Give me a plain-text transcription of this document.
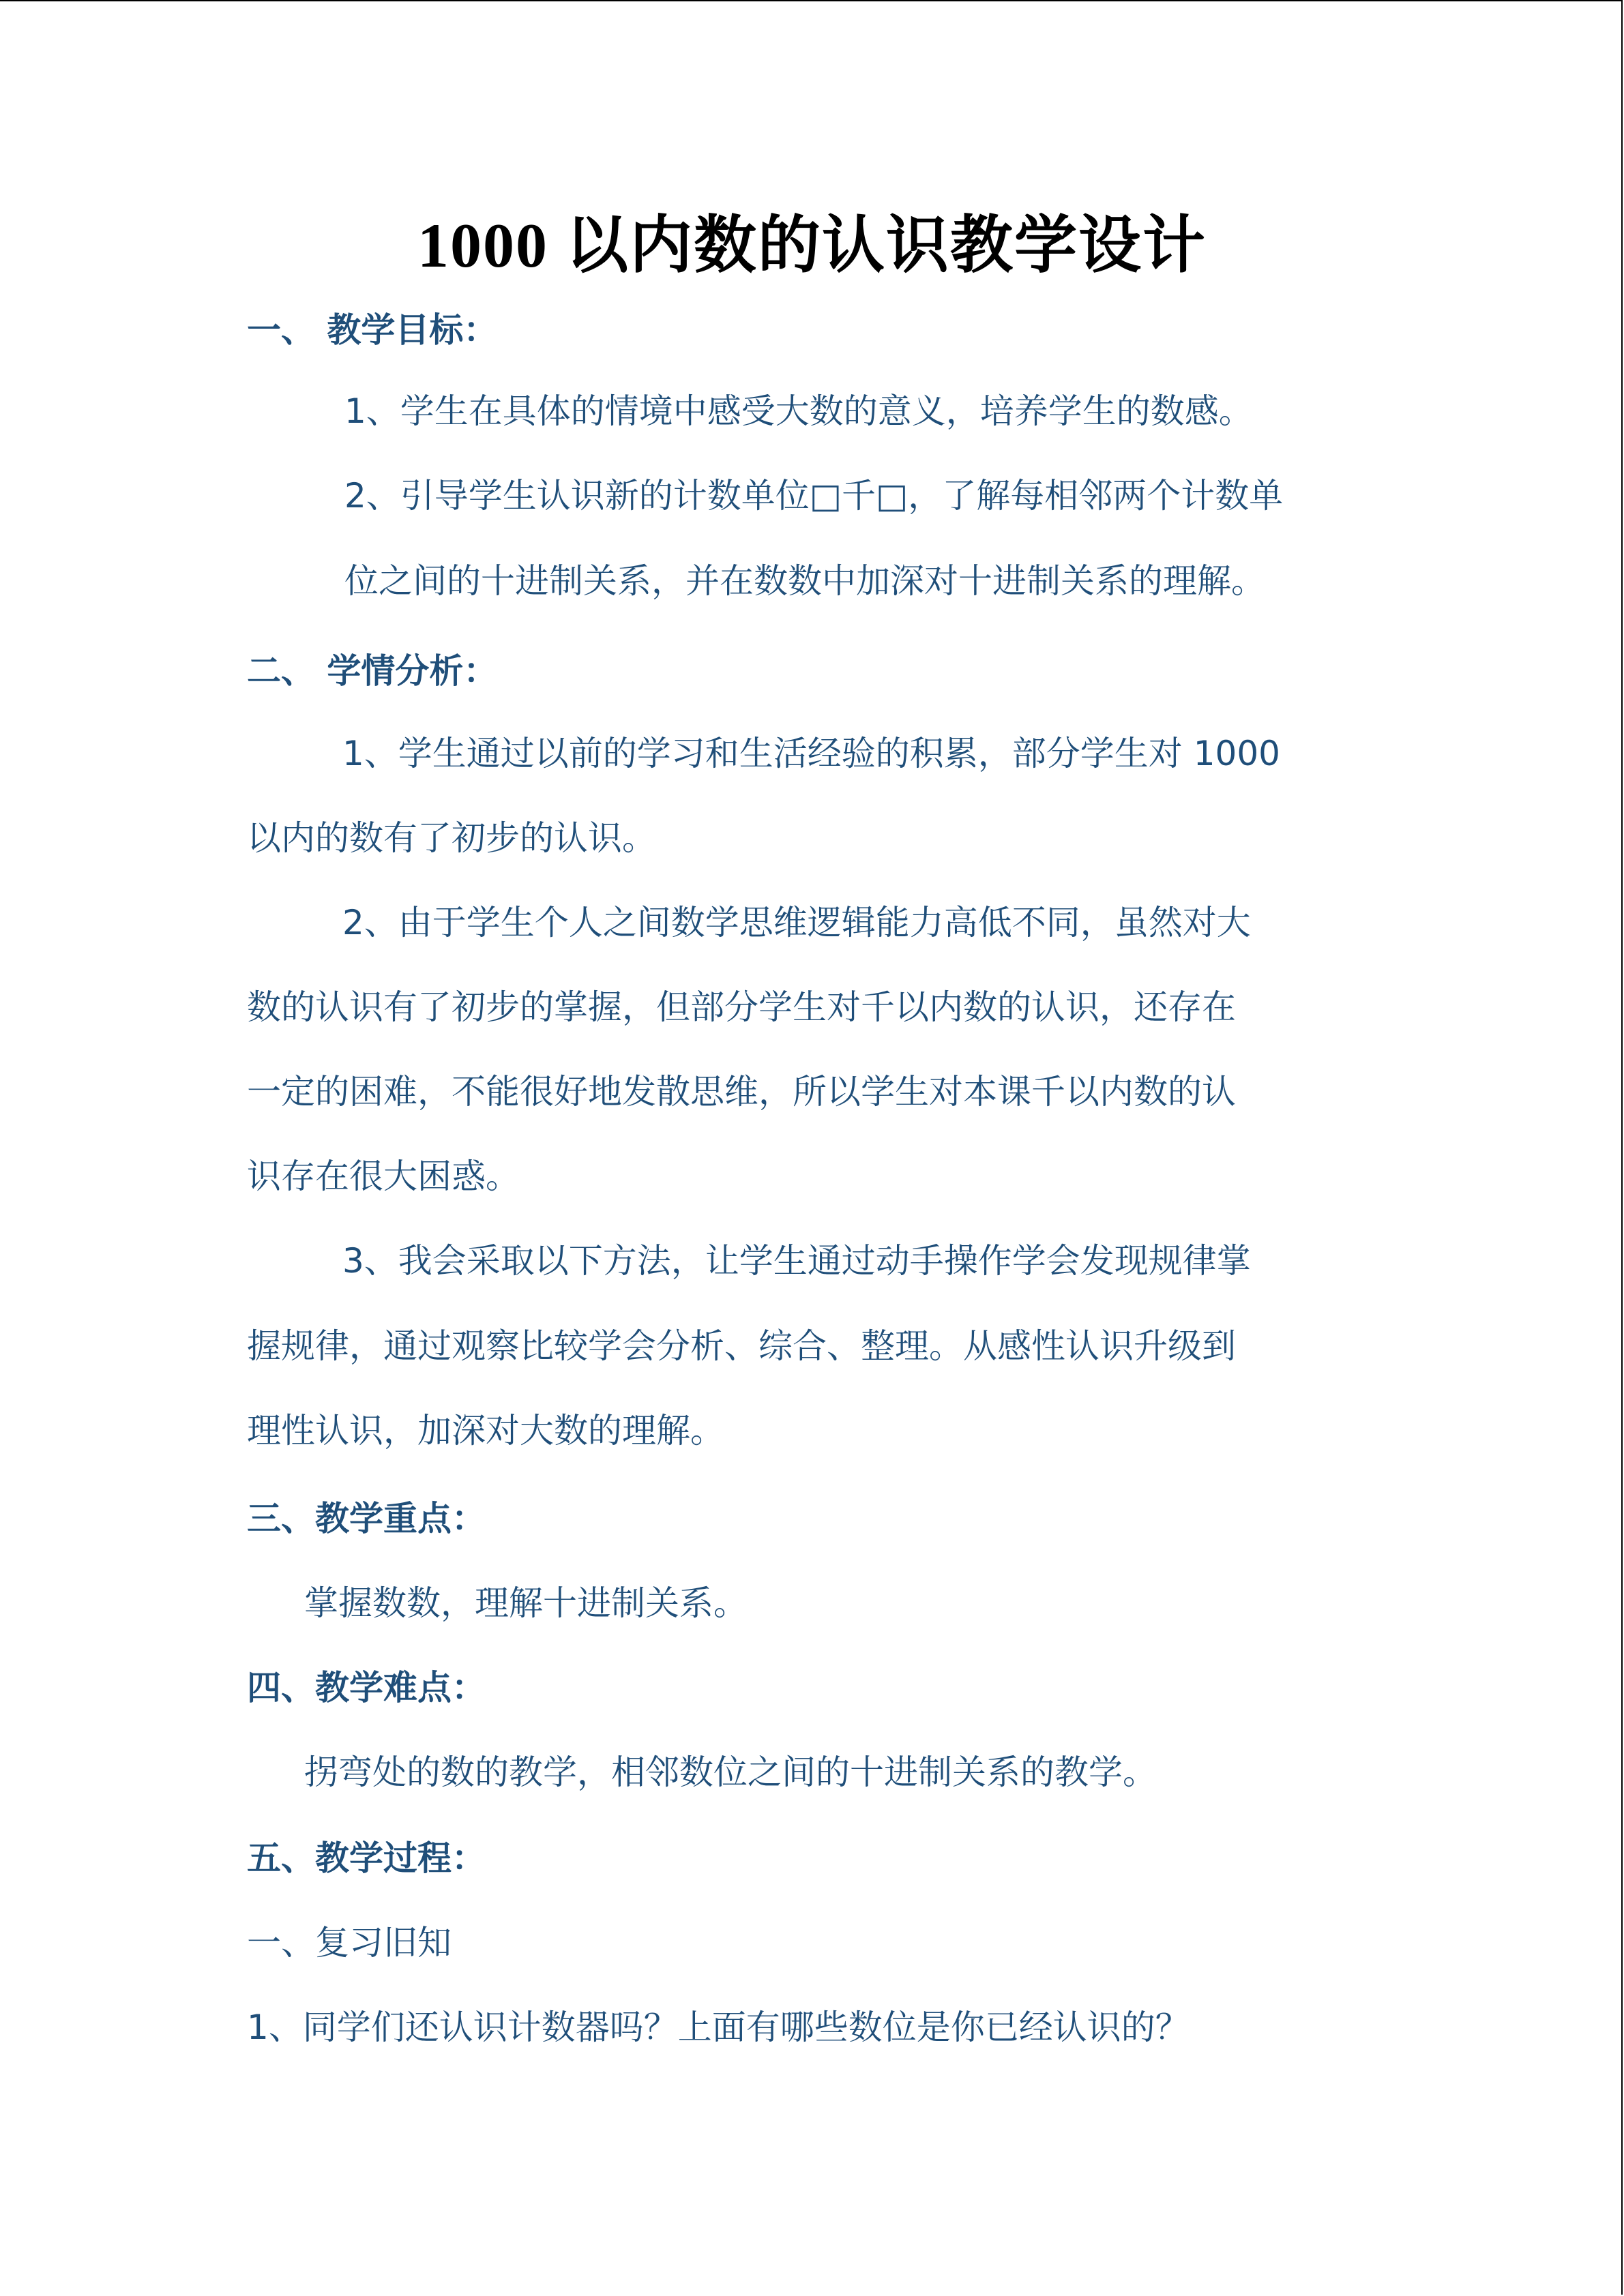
1000 以内数的认识教学设计
一、 教学目标：
1、学生在具体的情境中感受大数的意义，培养学生的数感。
2、引导学生认识新的计数单位□千□，了解每相邻两个计数单
位之间的十进制关系，并在数数中加深对十进制关系的理解。
二、 学情分析：
1、学生通过以前的学习和生活经验的积累，部分学生对 1000
以内的数有了初步的认识。
2、由于学生个人之间数学思维逻辑能力高低不同，虽然对大
数的认识有了初步的掌握，但部分学生对千以内数的认识，还存在
一定的困难，不能很好地发散思维，所以学生对本课千以内数的认
识存在很大困惑。
3、我会采取以下方法，让学生通过动手操作学会发现规律掌
握规律，通过观察比较学会分析、综合、整理。从感性认识升级到
理性认识，加深对大数的理解。
三、教学重点：
掌握数数，理解十进制关系。
四、教学难点：
拐弯处的数的教学，相邻数位之间的十进制关系的教学。
五、教学过程：
一、复习旧知
1、同学们还认识计数器吗？上面有哪些数位是你已经认识的？
